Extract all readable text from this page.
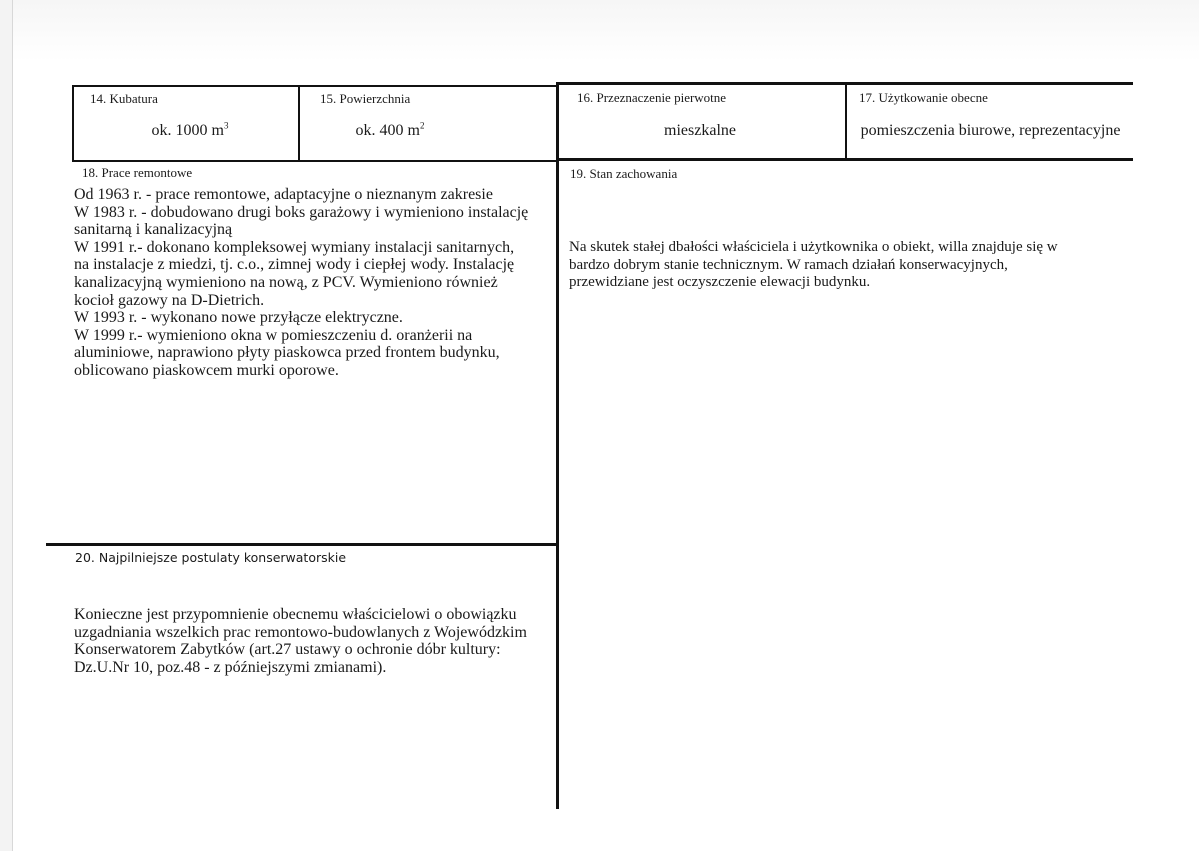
14. Kubatura
ok. 1000 $m^3$
15. Powierzchnia
ok. 400 $m^2$
16. Przeznaczenie pierwotne
mieszkalne
17. Użytkowanie obecne
pomieszczenia biurowe, reprezentacyjne
18. Prace remontowe
Od 1963 r. - prace remontowe, adaptacyjne o nieznanym zakresie
W 1983 r. - dobudowano drugi boks garażowy i wymieniono instalację
sanitarną i kanalizacyjną
W 1991 r.- dokonano kompleksowej wymiany instalacji sanitarnych,
na instalacje z miedzi, tj. c.o., zimnej wody i ciepłej wody. Instalację
kanalizacyjną wymieniono na nową, z PCV. Wymieniono również
kocioł gazowy na D-Dietrich.
W 1993 r. - wykonano nowe przyłącze elektryczne.
W 1999 r.- wymieniono okna w pomieszczeniu d. oranżerii na
aluminiowe, naprawiono płyty piaskowca przed frontem budynku,
oblicowano piaskowcem murki oporowe.
19. Stan zachowania
Na skutek stałej dbałości właściciela i użytkownika o obiekt, willa znajduje się w
bardzo dobrym stanie technicznym. W ramach działań konserwacyjnych,
przewidziane jest oczyszczenie elewacji budynku.
20. Najpilniejsze postulaty konserwatorskie
Konieczne jest przypomnienie obecnemu właścicielowi o obowiązku
uzgadniania wszelkich prac remontowo-budowlanych z Wojewódzkim
Konserwatorem Zabytków (art.27 ustawy o ochronie dóbr kultury:
Dz.U.Nr 10, poz.48 - z późniejszymi zmianami).
